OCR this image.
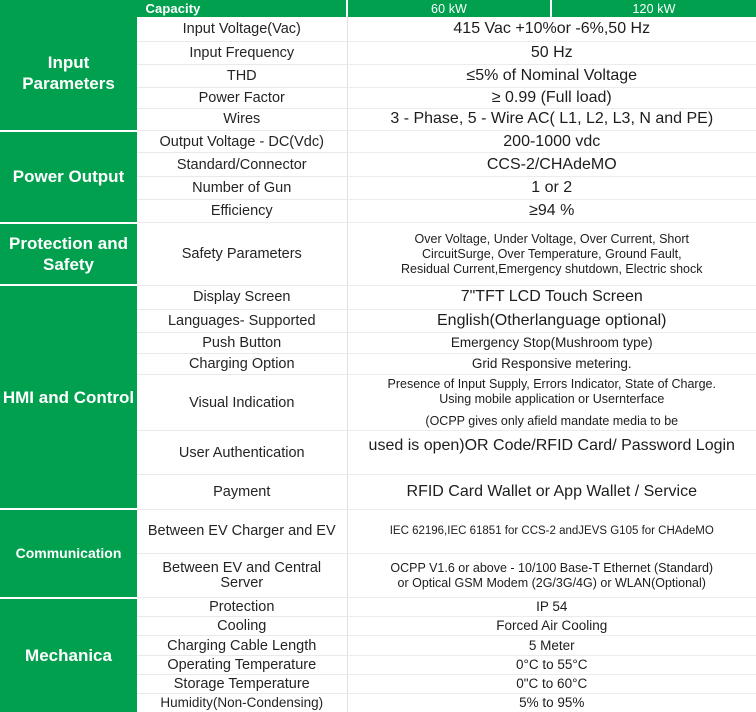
Capacity		60 kW	120 kW
Input Parameters	Input Voltage(Vac)	415 Vac +10%or -6%,50 Hz	
	Input Frequency	50 Hz	
	THD	≤5% of Nominal Voltage	
	Power Factor	≥ 0.99 (Full load)	
	Wires	3 - Phase, 5 - Wire AC( L1, L2, L3, N and PE)	
Power Output	Output Voltage - DC(Vdc)	200-1000 vdc	
	Standard/Connector	CCS-2/CHAdeMO	
	Number of Gun	1 or 2	
	Efficiency	≥94 %	
Protection and Safety	Safety Parameters	Over Voltage, Under Voltage, Over Current, Short
CircuitSurge, Over Temperature, Ground Fault,
Residual Current,Emergency shutdown, Electric shock	

HMI and Control	Display Screen	7"TFT LCD Touch Screen	
	Languages- Supported	English(Otherlanguage optional)	
	Push Button	Emergency Stop(Mushroom type)	
	Charging Option	Grid Responsive metering.	
	Visual Indication	Presence of Input Supply, Errors Indicator, State of Charge.
Using mobile application or Usernterface
(OCPP gives only afield mandate media to be	

	User Authentication	used is open)OR Code/RFID Card/ Password Login	
	Payment	RFID Card Wallet or App Wallet / Service	
Communication	Between EV Charger and EV	IEC 62196,IEC 61851 for CCS-2 andJEVS G105 for CHAdeMO	
	Between EV and Central Server	OCPP V1.6 or above - 10/100 Base-T Ethernet (Standard)
or Optical GSM Modem (2G/3G/4G) or WLAN(Optional)	

Mechanica	Protection	IP 54	
	Cooling	Forced Air Cooling	
	Charging Cable Length	5 Meter	
	Operating Temperature	0°C to 55°C	
	Storage Temperature	0"C to 60°C	
	Humidity(Non-Condensing)	5% to 95%	
